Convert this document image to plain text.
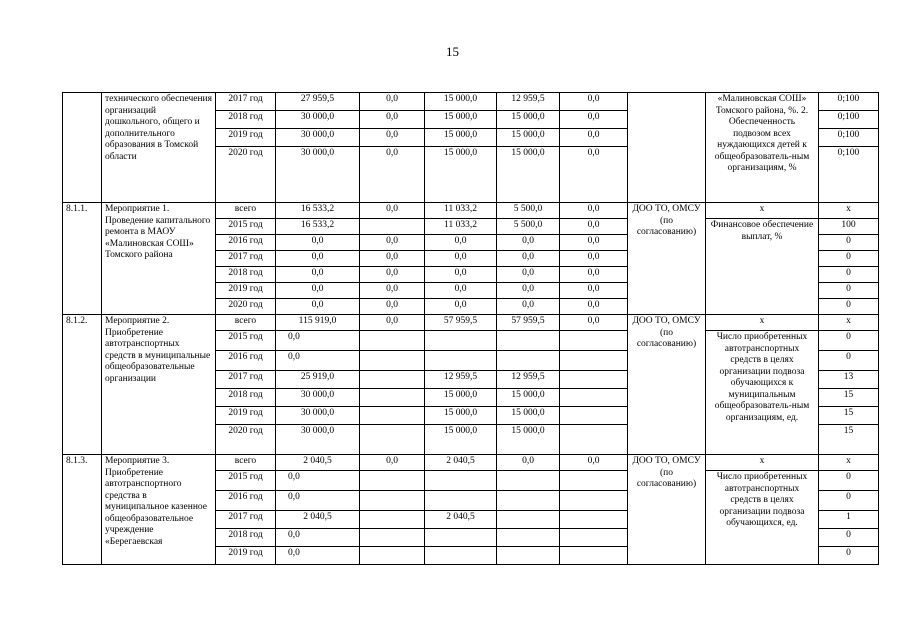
15
	технического обеспечения организаций дошкольного, общего и дополнительного образования в Томской области	2017 год	27 959,5	0,0	15 000,0	12 959,5	0,0		«Малиновская СОШ» Томского района, %. 2. Обеспеченность подвозом всех нуждающихся детей к общеобразователь-ным организациям, %	0;100
		2018 год	30 000,0	0,0	15 000,0	15 000,0	0,0			0;100
		2019 год	30 000,0	0,0	15 000,0	15 000,0	0,0			0;100
		2020 год	30 000,0	0,0	15 000,0	15 000,0	0,0			0;100
8.1.1.	Мероприятие 1. Проведение капитального ремонта в МАОУ «Малиновская СОШ» Томского района	всего	16 533,2	0,0	11 033,2	5 500,0	0,0	ДОО ТО, ОМСУ (по согласованию)	x	x
		2015 год	16 533,2		11 033,2	5 500,0	0,0		Финансовое обеспечение выплат, %	100
		2016 год	0,0	0,0	0,0	0,0	0,0			0
		2017 год	0,0	0,0	0,0	0,0	0,0			0
		2018 год	0,0	0,0	0,0	0,0	0,0			0
		2019 год	0,0	0,0	0,0	0,0	0,0			0
		2020 год	0,0	0,0	0,0	0,0	0,0			0
8.1.2.	Мероприятие 2. Приобретение автотранспортных средств в муниципальные общеобразовательные организации	всего	115 919,0	0,0	57 959,5	57 959,5	0,0	ДОО ТО, ОМСУ (по согласованию)	x	x
		2015 год	0,0						Число приобретенных автотранспортных средств в целях организации подвоза обучающихся к муниципальным общеобразователь-ным организациям, ед.	0
		2016 год	0,0							0
		2017 год	25 919,0		12 959,5	12 959,5				13
		2018 год	30 000,0		15 000,0	15 000,0				15
		2019 год	30 000,0		15 000,0	15 000,0				15
		2020 год	30 000,0		15 000,0	15 000,0				15
8.1.3.	Мероприятие 3. Приобретение автотранспортного средства в муниципальное казенное общеобразовательное учреждение «Берегаевская	всего	2 040,5	0,0	2 040,5	0,0	0,0	ДОО ТО, ОМСУ (по согласованию)	x	x
		2015 год	0,0						Число приобретенных автотранспортных средств в целях организации подвоза обучающихся, ед.	0
		2016 год	0,0							0
		2017 год	2 040,5		2 040,5					1
		2018 год	0,0							0
		2019 год	0,0							0
